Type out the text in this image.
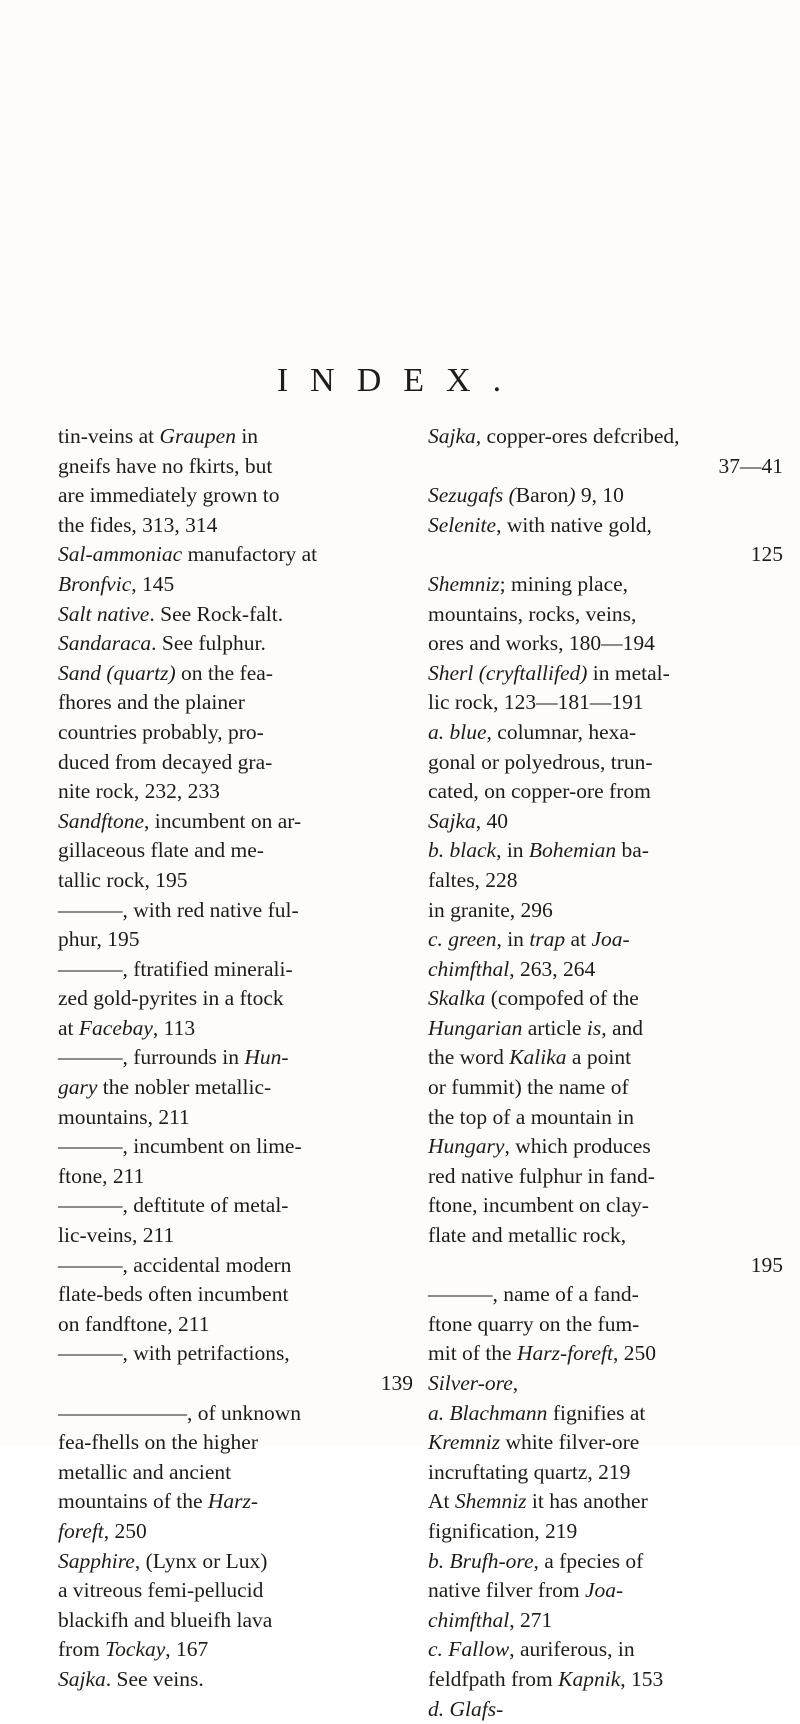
INDEX.
tin-veins at Graupen in
gneifs have no fkirts, but
are immediately grown to
the fides, 313, 314
Sal-ammoniac manufactory at
Bronfvic, 145
Salt native. See Rock-falt.
Sandaraca. See fulphur.
Sand (quartz) on the fea-
fhores and the plainer
countries probably, pro-
duced from decayed gra-
nite rock, 232, 233
Sandftone, incumbent on ar-
gillaceous flate and me-
tallic rock, 195
———, with red native ful-
phur, 195
———, ftratified minerali-
zed gold-pyrites in a ftock
at Facebay, 113
———, furrounds in Hun-
gary the nobler metallic-
mountains, 211
———, incumbent on lime-
ftone, 211
———, deftitute of metal-
lic-veins, 211
———, accidental modern
flate-beds often incumbent
on fandftone, 211
———, with petrifactions,
139
——————, of unknown
fea-fhells on the higher
metallic and ancient
mountains of the Harz-
foreft, 250
Sapphire, (Lynx or Lux)
a vitreous femi-pellucid
blackifh and blueifh lava
from Tockay, 167
Sajka. See veins.
Sajka, copper-ores defcribed,
37—41
Sezugafs (Baron) 9, 10
Selenite, with native gold,
125
Shemniz; mining place,
mountains, rocks, veins,
ores and works, 180—194
Sherl (cryftallifed) in metal-
lic rock, 123—181—191
a. blue, columnar, hexa-
gonal or polyedrous, trun-
cated, on copper-ore from
Sajka, 40
b. black, in Bohemian ba-
faltes, 228
in granite, 296
c. green, in trap at Joa-
chimfthal, 263, 264
Skalka (compofed of the
Hungarian article is, and
the word Kalika a point
or fummit) the name of
the top of a mountain in
Hungary, which produces
red native fulphur in fand-
ftone, incumbent on clay-
flate and metallic rock,
195
———, name of a fand-
ftone quarry on the fum-
mit of the Harz-foreft, 250
Silver-ore,
a. Blachmann fignifies at
Kremniz white filver-ore
incruftating quartz, 219
At Shemniz it has another
fignification, 219
b. Brufh-ore, a fpecies of
native filver from Joa-
chimfthal, 271
c. Fallow, auriferous, in
feldfpath from Kapnik, 153
d. Glafs-
